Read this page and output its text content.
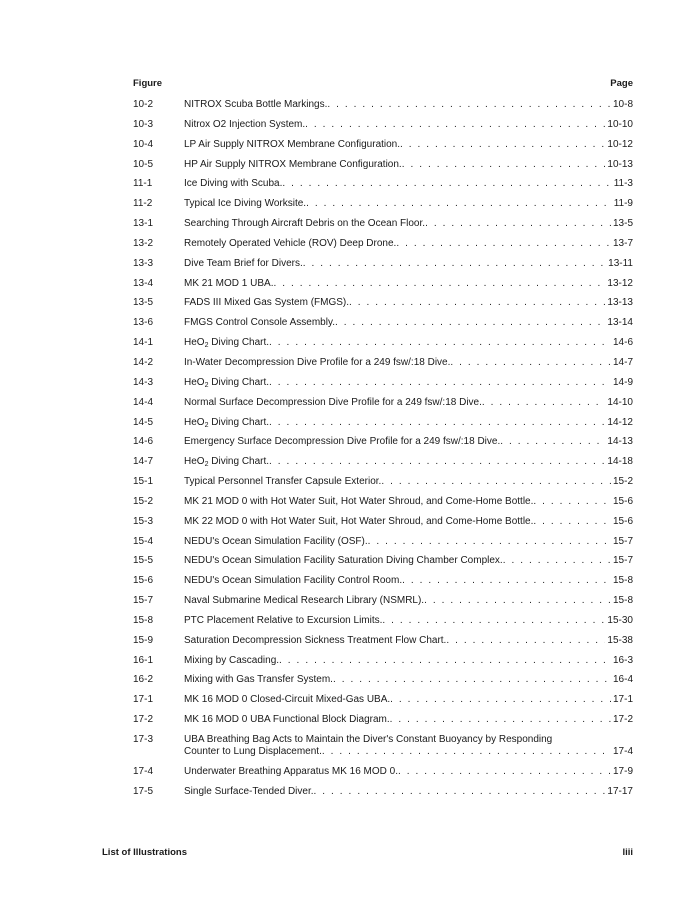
Figure	Page
10-2	NITROX Scuba Bottle Markings. . . .	10-8
10-3	Nitrox O2 Injection System. . . .	10-10
10-4	LP Air Supply NITROX Membrane Configuration. . . .	10-12
10-5	HP Air Supply NITROX Membrane Configuration. . . .	10-13
11-1	Ice Diving with Scuba. . . .	11-3
11-2	Typical Ice Diving Worksite. . . .	11-9
13-1	Searching Through Aircraft Debris on the Ocean Floor. . . .	13-5
13-2	Remotely Operated Vehicle (ROV) Deep Drone. . . .	13-7
13-3	Dive Team Brief for Divers. . . .	13-11
13-4	MK 21 MOD 1 UBA. . . .	13-12
13-5	FADS III Mixed Gas System (FMGS). . . .	13-13
13-6	FMGS Control Console Assembly. . . .	13-14
14-1	HeO$_2$ Diving Chart. . . .	14-6
14-2	In-Water Decompression Dive Profile for a 249 fsw/:18 Dive. . . .	14-7
14-3	HeO$_2$ Diving Chart. . . .	14-9
14-4	Normal Surface Decompression Dive Profile for a 249 fsw/:18 Dive. . . .	14-10
14-5	HeO$_2$ Diving Chart. . . .	14-12
14-6	Emergency Surface Decompression Dive Profile for a 249 fsw/:18 Dive. . . .	14-13
14-7	HeO$_2$ Diving Chart. . . .	14-18
15-1	Typical Personnel Transfer Capsule Exterior. . . .	15-2
15-2	MK 21 MOD 0 with Hot Water Suit, Hot Water Shroud, and Come-Home Bottle. . . .	15-6
15-3	MK 22 MOD 0 with Hot Water Suit, Hot Water Shroud, and Come-Home Bottle. . . .	15-6
15-4	NEDU's Ocean Simulation Facility (OSF). . . .	15-7
15-5	NEDU's Ocean Simulation Facility Saturation Diving Chamber Complex. . . .	15-7
15-6	NEDU's Ocean Simulation Facility Control Room. . . .	15-8
15-7	Naval Submarine Medical Research Library (NSMRL). . . .	15-8
15-8	PTC Placement Relative to Excursion Limits. . . .	15-30
15-9	Saturation Decompression Sickness Treatment Flow Chart. . . .	15-38
16-1	Mixing by Cascading. . . .	16-3
16-2	Mixing with Gas Transfer System. . . .	16-4
17-1	MK 16 MOD 0 Closed-Circuit Mixed-Gas UBA. . . .	17-1
17-2	MK 16 MOD 0 UBA Functional Block Diagram. . . .	17-2
17-3	UBA Breathing Bag Acts to Maintain the Diver's Constant Buoyancy by Responding
Counter to Lung Displacement. . . .	17-4
17-4	Underwater Breathing Apparatus MK 16 MOD 0. . . .	17-9
17-5	Single Surface-Tended Diver. . . .	17-17
List of Illustrations	liii
